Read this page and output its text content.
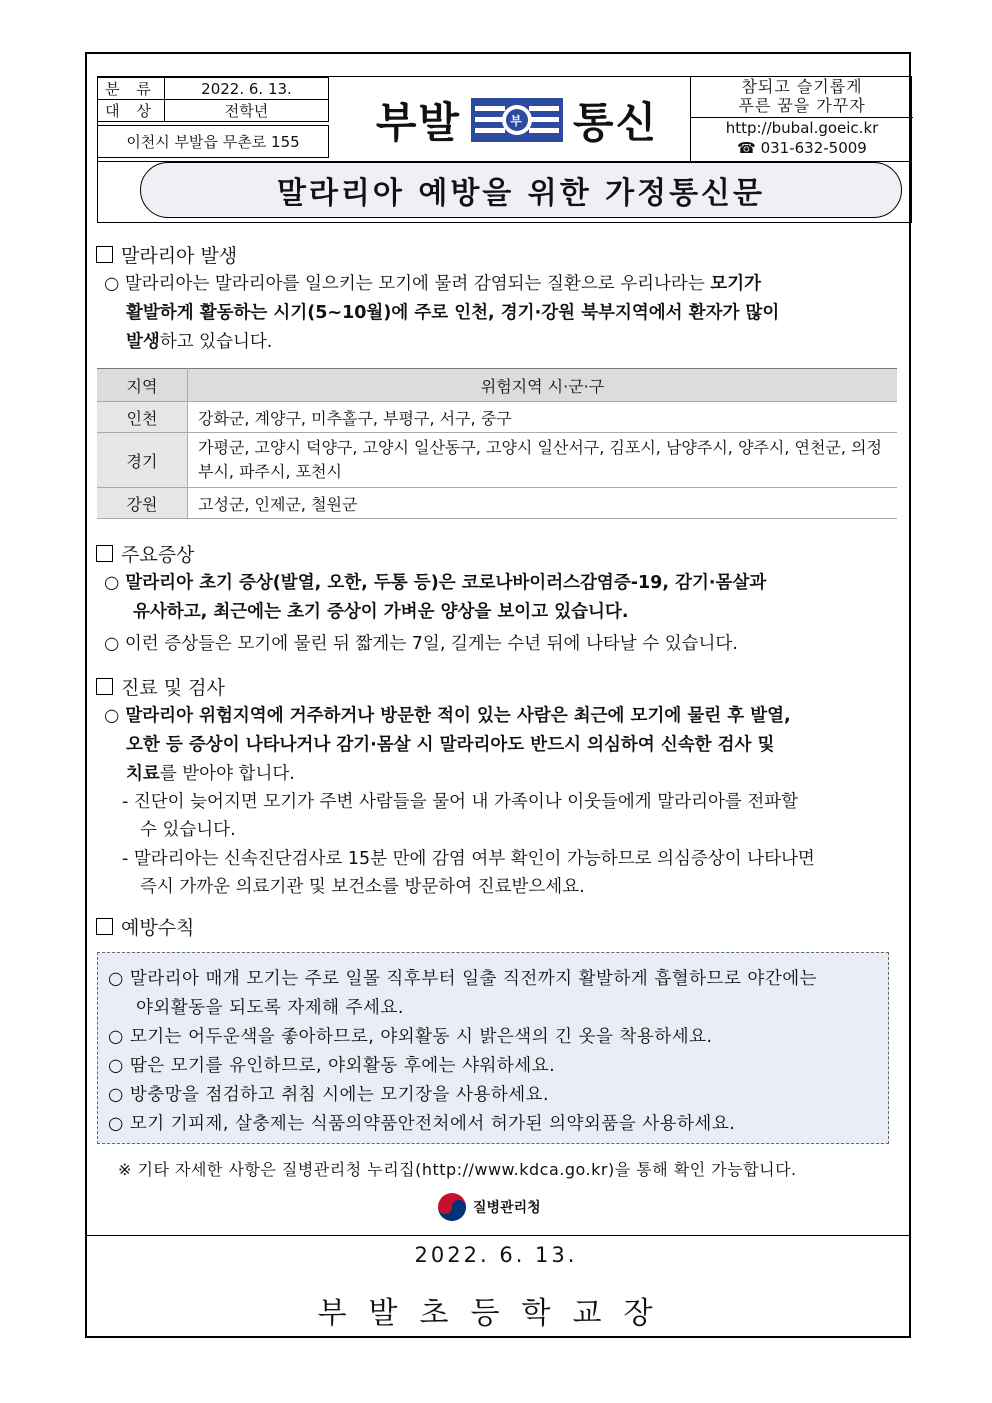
분 류	2022. 6. 13.
대 상	전학년
이천시 부발읍 무촌로 155	부발	부 통신
참되고 슬기롭게
푸른 꿈을 가꾸자
http://bubal.goeic.kr
☎ 031-632-5009
말라리아 예방을 위한 가정통신문
말라리아 발생
○ 말라리아는 말라리아를 일으키는 모기에 물려 감염되는 질환으로 우리나라는 모기가
활발하게 활동하는 시기(5~10월)에 주로 인천, 경기·강원 북부지역에서 환자가 많이
발생하고 있습니다.
지역	위험지역 시·군·구
인천	강화군, 계양구, 미추홀구, 부평구, 서구, 중구
경기	가평군, 고양시 덕양구, 고양시 일산동구, 고양시 일산서구, 김포시, 남양주시, 양주시, 연천군, 의정부시, 파주시, 포천시
강원	고성군, 인제군, 철원군
주요증상
○ 말라리아 초기 증상(발열, 오한, 두통 등)은 코로나바이러스감염증-19, 감기·몸살과
유사하고, 최근에는 초기 증상이 가벼운 양상을 보이고 있습니다.
○ 이런 증상들은 모기에 물린 뒤 짧게는 7일, 길게는 수년 뒤에 나타날 수 있습니다.
진료 및 검사
○ 말라리아 위험지역에 거주하거나 방문한 적이 있는 사람은 최근에 모기에 물린 후 발열,
오한 등 증상이 나타나거나 감기·몸살 시 말라리아도 반드시 의심하여 신속한 검사 및
치료를 받아야 합니다.
- 진단이 늦어지면 모기가 주변 사람들을 물어 내 가족이나 이웃들에게 말라리아를 전파할
수 있습니다.
- 말라리아는 신속진단검사로 15분 만에 감염 여부 확인이 가능하므로 의심증상이 나타나면
즉시 가까운 의료기관 및 보건소를 방문하여 진료받으세요.
예방수칙
○ 말라리아 매개 모기는 주로 일몰 직후부터 일출 직전까지 활발하게 흡혈하므로 야간에는
야외활동을 되도록 자제해 주세요.
○ 모기는 어두운색을 좋아하므로, 야외활동 시 밝은색의 긴 옷을 착용하세요.
○ 땀은 모기를 유인하므로, 야외활동 후에는 샤워하세요.
○ 방충망을 점검하고 취침 시에는 모기장을 사용하세요.
○ 모기 기피제, 살충제는 식품의약품안전처에서 허가된 의약외품을 사용하세요.
※ 기타 자세한 사항은 질병관리청 누리집(http://www.kdca.go.kr)을 통해 확인 가능합니다.
질병관리청
2022. 6. 13.
부발초등학교장
